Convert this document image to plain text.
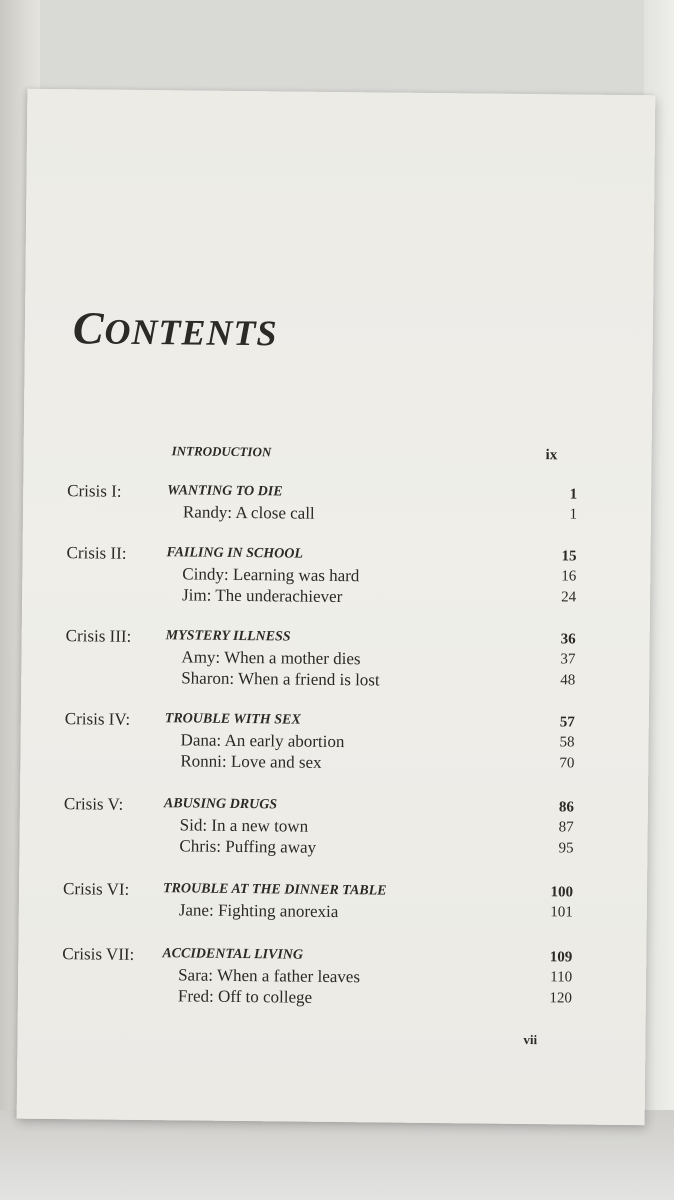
CONTENTS
INTRODUCTION	ix
Crisis I:	WANTING TO DIE	1
Randy: A close call	1
Crisis II:	FAILING IN SCHOOL	15
Cindy: Learning was hard	16
Jim: The underachiever	24
Crisis III: MYSTERY ILLNESS	36
Amy: When a mother dies	37
Sharon: When a friend is lost	48
Crisis IV: TROUBLE WITH SEX	57
Dana: An early abortion	58
Ronni: Love and sex	70
Crisis V:	ABUSING DRUGS	86
Sid: In a new town	87
Chris: Puffing away	95
Crisis VI: TROUBLE AT THE DINNER TABLE	100
Jane: Fighting anorexia	101
Crisis VII: ACCIDENTAL LIVING	109
Sara: When a father leaves	110
Fred: Off to college	120
vii
